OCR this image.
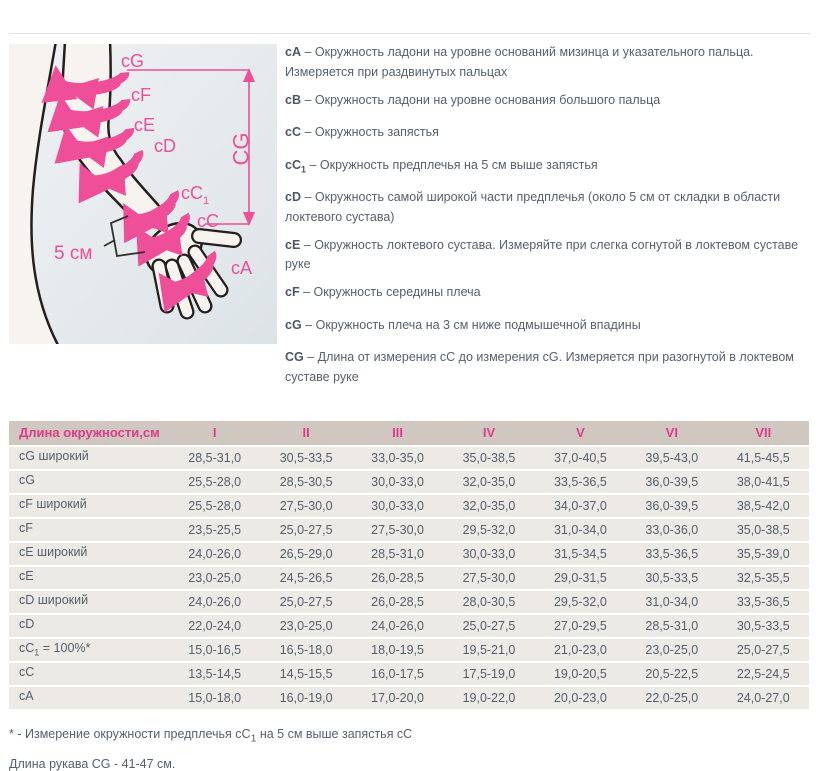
cG
cF
cE
cD
$cC_1$
cC
cA
CG
5 см

cA – Окружность ладони на уровне оснований мизинца и указательного пальца. Измеряется при раздвинутых пальцах

cB – Окружность ладони на уровне основания большого пальца

cC – Окружность запястья

$cC_1$ – Окружность предплечья на 5 см выше запястья

cD – Окружность самой широкой части предплечья (около 5 см от складки в области локтевого сустава)

cE – Окружность локтевого сустава. Измеряйте при слегка согнутой в локтевом суставе руке

cF – Окружность середины плеча

cG – Окружность плеча на 3 см ниже подмышечной впадины

CG – Длина от измерения cC до измерения cG. Измеряется при разогнутой в локтевом суставе руке

Длина окружности,см	I	II	III	IV	V	VI	VII
cG широкий	28,5-31,0	30,5-33,5	33,0-35,0	35,0-38,5	37,0-40,5	39,5-43,0	41,5-45,5
cG	25,5-28,0	28,5-30,5	30,0-33,0	32,0-35,0	33,5-36,5	36,0-39,5	38,0-41,5
cF широкий	25,5-28,0	27,5-30,0	30,0-33,0	32,0-35,0	34,0-37,0	36,0-39,5	38,5-42,0
cF	23,5-25,5	25,0-27,5	27,5-30,0	29,5-32,0	31,0-34,0	33,0-36,0	35,0-38,5
cE широкий	24,0-26,0	26,5-29,0	28,5-31,0	30,0-33,0	31,5-34,5	33,5-36,5	35,5-39,0
cE	23,0-25,0	24,5-26,5	26,0-28,5	27,5-30,0	29,0-31,5	30,5-33,5	32,5-35,5
cD широкий	24,0-26,0	25,0-27,5	26,0-28,5	28,0-30,5	29,5-32,0	31,0-34,0	33,5-36,5
cD	22,0-24,0	23,0-25,0	24,0-26,0	25,0-27,5	27,0-29,5	28,5-31,0	30,5-33,5
$cC_1 = 100\%*$	15,0-16,5	16,5-18,0	18,0-19,5	19,5-21,0	21,0-23,0	23,0-25,0	25,0-27,5
cC	13,5-14,5	14,5-15,5	16,0-17,5	17,5-19,0	19,0-20,5	20,5-22,5	22,5-24,5
cA	15,0-18,0	16,0-19,0	17,0-20,0	19,0-22,0	20,0-23,0	22,0-25,0	24,0-27,0

* - Измерение окружности предплечья $cC_1$ на 5 см выше запястья cC

Длина рукава CG - 41-47 см.
